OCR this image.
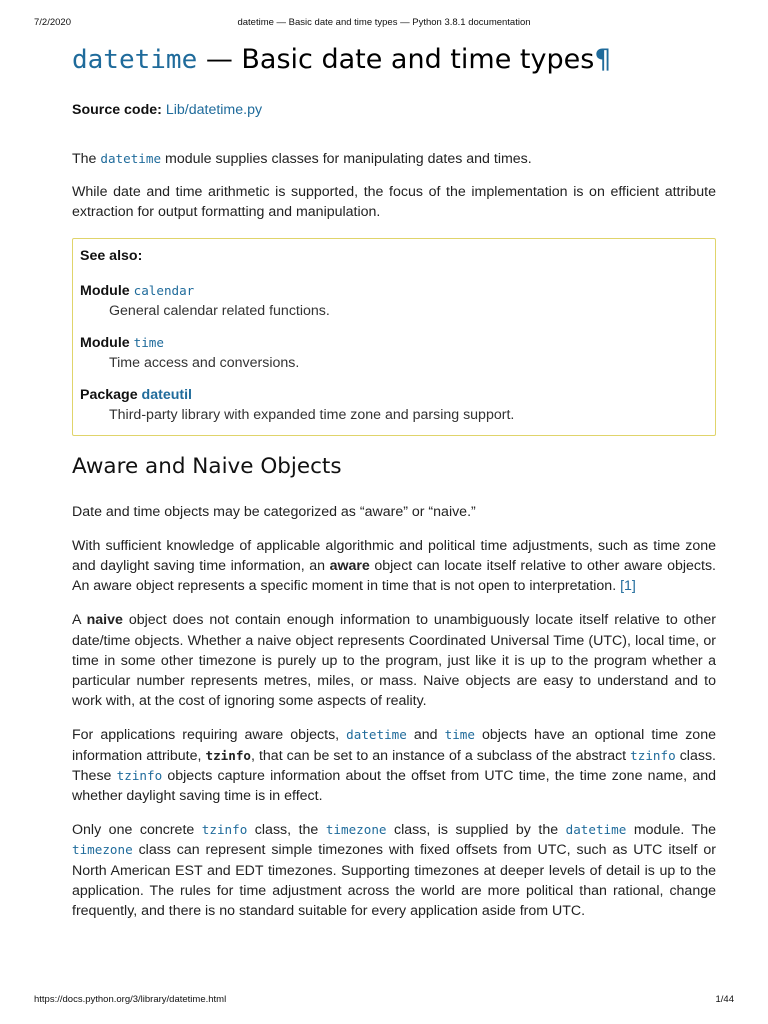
7/2/2020	datetime — Basic date and time types — Python 3.8.1 documentation
datetime — Basic date and time types¶
Source code: Lib/datetime.py

The datetime module supplies classes for manipulating dates and times.

While date and time arithmetic is supported, the focus of the implementation is on efficient attribute extraction for output formatting and manipulation.

See also:
Module calendar
General calendar related functions.
Module time
Time access and conversions.
Package dateutil
Third-party library with expanded time zone and parsing support.
Aware and Naive Objects

Date and time objects may be categorized as “aware” or “naive.”

With sufficient knowledge of applicable algorithmic and political time adjustments, such as time zone and daylight saving time information, an aware object can locate itself relative to other aware objects. An aware object represents a specific moment in time that is not open to interpretation. [1]

A naive object does not contain enough information to unambiguously locate itself relative to other date/time objects. Whether a naive object represents Coordinated Universal Time (UTC), local time, or time in some other timezone is purely up to the program, just like it is up to the program whether a particular number represents metres, miles, or mass. Naive objects are easy to understand and to work with, at the cost of ignoring some aspects of reality.

For applications requiring aware objects, datetime and time objects have an optional time zone information attribute, tzinfo, that can be set to an instance of a subclass of the abstract tzinfo class. These tzinfo objects capture information about the offset from UTC time, the time zone name, and whether daylight saving time is in effect.

Only one concrete tzinfo class, the timezone class, is supplied by the datetime module. The timezone class can represent simple timezones with fixed offsets from UTC, such as UTC itself or North American EST and EDT timezones. Supporting timezones at deeper levels of detail is up to the application. The rules for time adjustment across the world are more political than rational, change frequently, and there is no standard suitable for every application aside from UTC.

https://docs.python.org/3/library/datetime.html	1/44
